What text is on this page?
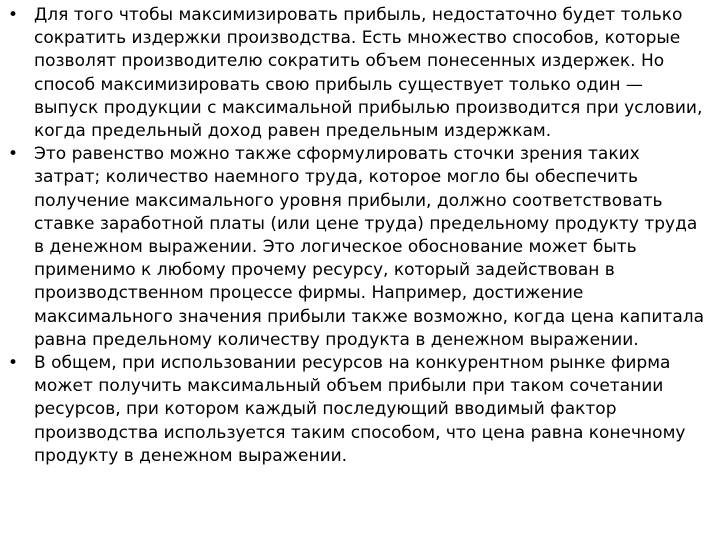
• Для того чтобы максимизировать прибыль, недостаточно будет только сократить издержки производства. Есть множество способов, которые позволят производителю сократить объем понесенных издержек. Но способ максимизировать свою прибыль существует только один — выпуск продукции с максимальной прибылью производится при условии, когда предельный доход равен предельным издержкам.
• Это равенство можно также сформулировать сточки зрения таких затрат; количество наемного труда, которое могло бы обеспечить получение максимального уровня прибыли, должно соответствовать ставке заработной платы (или цене труда) предельному продукту труда в денежном выражении. Это логическое обоснование может быть применимо к любому прочему ресурсу, который задействован в производственном процессе фирмы. Например, достижение максимального значения прибыли также возможно, когда цена капитала равна предельному количеству продукта в денежном выражении.
• В общем, при использовании ресурсов на конкурентном рынке фирма может получить максимальный объем прибыли при таком сочетании ресурсов, при котором каждый последующий вводимый фактор производства используется таким способом, что цена равна конечному продукту в денежном выражении.
